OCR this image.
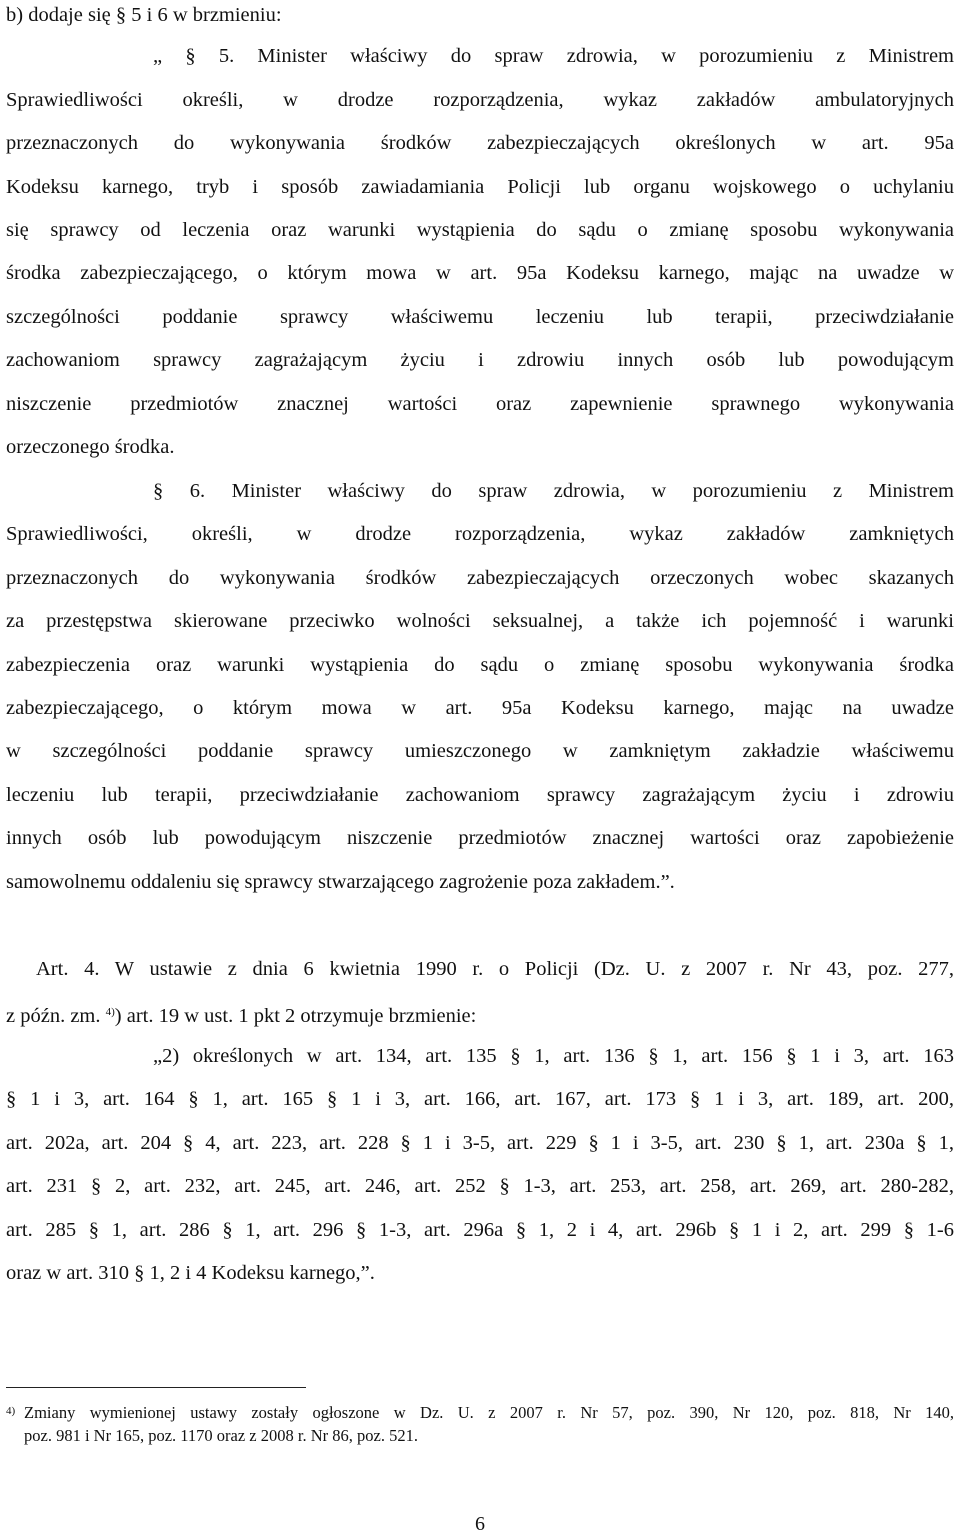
b) dodaje się § 5 i 6 w brzmieniu:
„ § 5. Minister właściwy do spraw zdrowia, w porozumieniu z Ministrem
Sprawiedliwości określi, w drodze rozporządzenia, wykaz zakładów ambulatoryjnych
przeznaczonych do wykonywania środków zabezpieczających określonych w art. 95a
Kodeksu karnego, tryb i sposób zawiadamiania Policji lub organu wojskowego o uchylaniu
się sprawcy od leczenia oraz warunki wystąpienia do sądu o zmianę sposobu wykonywania
środka zabezpieczającego, o którym mowa w art. 95a Kodeksu karnego, mając na uwadze w
szczególności poddanie sprawcy właściwemu leczeniu lub terapii, przeciwdziałanie
zachowaniom sprawcy zagrażającym życiu i zdrowiu innych osób lub powodującym
niszczenie przedmiotów znacznej wartości oraz zapewnienie sprawnego wykonywania
orzeczonego środka.
§ 6. Minister właściwy do spraw zdrowia, w porozumieniu z Ministrem
Sprawiedliwości, określi, w drodze rozporządzenia, wykaz zakładów zamkniętych
przeznaczonych do wykonywania środków zabezpieczających orzeczonych wobec skazanych
za przestępstwa skierowane przeciwko wolności seksualnej, a także ich pojemność i warunki
zabezpieczenia oraz warunki wystąpienia do sądu o zmianę sposobu wykonywania środka
zabezpieczającego, o którym mowa w art. 95a Kodeksu karnego, mając na uwadze
w szczególności poddanie sprawcy umieszczonego w zamkniętym zakładzie właściwemu
leczeniu lub terapii, przeciwdziałanie zachowaniom sprawcy zagrażającym życiu i zdrowiu
innych osób lub powodującym niszczenie przedmiotów znacznej wartości oraz zapobieżenie
samowolnemu oddaleniu się sprawcy stwarzającego zagrożenie poza zakładem.”.
Art. 4. W ustawie z dnia 6 kwietnia 1990 r. o Policji (Dz. U. z 2007 r. Nr 43, poz. 277,
z późn. zm. $^{4)}$) art. 19 w ust. 1 pkt 2 otrzymuje brzmienie:
„2) określonych w art. 134, art. 135 § 1, art. 136 § 1, art. 156 § 1 i 3, art. 163
§ 1 i 3, art. 164 § 1, art. 165 § 1 i 3, art. 166, art. 167, art. 173 § 1 i 3, art. 189, art. 200,
art. 202a, art. 204 § 4, art. 223, art. 228 § 1 i 3-5, art. 229 § 1 i 3-5, art. 230 § 1, art. 230a § 1,
art. 231 § 2, art. 232, art. 245, art. 246, art. 252 § 1-3, art. 253, art. 258, art. 269, art. 280-282,
art. 285 § 1, art. 286 § 1, art. 296 § 1-3, art. 296a § 1, 2 i 4, art. 296b § 1 i 2, art. 299 § 1-6
oraz w art. 310 § 1, 2 i 4 Kodeksu karnego,”.
$^{4)}$ Zmiany wymienionej ustawy zostały ogłoszone w Dz. U. z 2007 r. Nr 57, poz. 390, Nr 120, poz. 818, Nr 140,
poz. 981 i Nr 165, poz. 1170 oraz z 2008 r. Nr 86, poz. 521.
6
